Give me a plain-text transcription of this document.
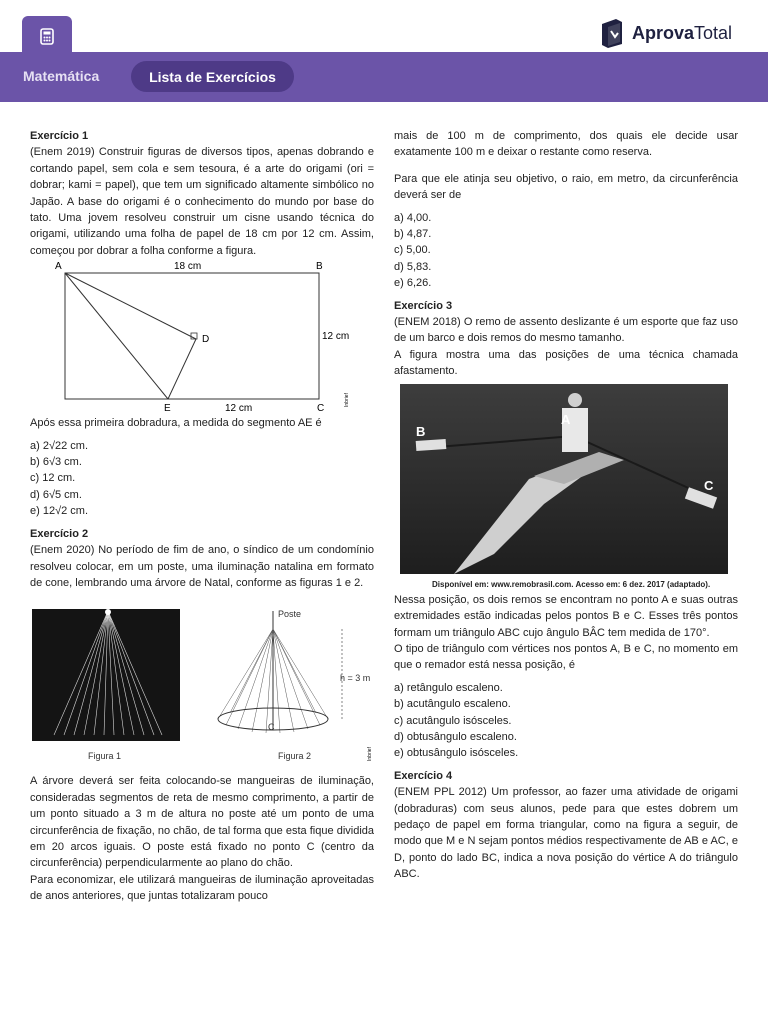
Matemática	Lista de Exercícios
AprovaTotal
Exercício 1
(Enem 2019) Construir figuras de diversos tipos, apenas dobrando e cortando papel, sem cola e sem tesoura, é a arte do origami (ori = dobrar; kami = papel), que tem um significado altamente simbólico no Japão. A base do origami é o conhecimento do mundo por base do tato. Uma jovem resolveu construir um cisne usando técnica do origami, utilizando uma folha de papel de 18 cm por 12 cm. Assim, começou por dobrar a folha conforme a figura.
A	B
C
D
E
18 cm
12 cm
12 cm
Inbrief
Após essa primeira dobradura, a medida do segmento AE é
a) 2√22 cm.
b) 6√3 cm.
c) 12 cm.
d) 6√5 cm.
e) 12√2 cm.
Exercício 2
(Enem 2020) No período de fim de ano, o síndico de um condomínio resolveu colocar, em um poste, uma iluminação natalina em formato de cone, lembrando uma árvore de Natal, conforme as figuras 1 e 2.
Figura 1
Poste
h = 3 m
C
Figura 2	Inbrief
A árvore deverá ser feita colocando-se mangueiras de iluminação, consideradas segmentos de reta de mesmo comprimento, a partir de um ponto situado a 3 m de altura no poste até um ponto de uma circunferência de fixação, no chão, de tal forma que esta fique dividida em 20 arcos iguais. O poste está fixado no ponto C (centro da circunferência) perpendicularmente ao plano do chão.
Para economizar, ele utilizará mangueiras de iluminação aproveitadas de anos anteriores, que juntas totalizaram pouco
mais de 100 m de comprimento, dos quais ele decide usar exatamente 100 m e deixar o restante como reserva.
Para que ele atinja seu objetivo, o raio, em metro, da circunferência deverá ser de
a) 4,00.
b) 4,87.
c) 5,00.
d) 5,83.
e) 6,26.
Exercício 3
(ENEM 2018) O remo de assento deslizante é um esporte que faz uso de um barco e dois remos do mesmo tamanho.
A figura mostra uma das posições de uma técnica chamada afastamento.
B
A
C
Disponível em: www.remobrasil.com. Acesso em: 6 dez. 2017 (adaptado).
Nessa posição, os dois remos se encontram no ponto A e suas outras extremidades estão indicadas pelos pontos B e C. Esses três pontos formam um triângulo ABC cujo ângulo BÂC tem medida de 170°.
O tipo de triângulo com vértices nos pontos A, B e C, no momento em que o remador está nessa posição, é
a) retângulo escaleno.
b) acutângulo escaleno.
c) acutângulo isósceles.
d) obtusângulo escaleno.
e) obtusângulo isósceles.
Exercício 4
(ENEM PPL 2012) Um professor, ao fazer uma atividade de origami (dobraduras) com seus alunos, pede para que estes dobrem um pedaço de papel em forma triangular, como na figura a seguir, de modo que M e N sejam pontos médios respectivamente de AB e AC, e D, ponto do lado BC, indica a nova posição do vértice A do triângulo ABC.
